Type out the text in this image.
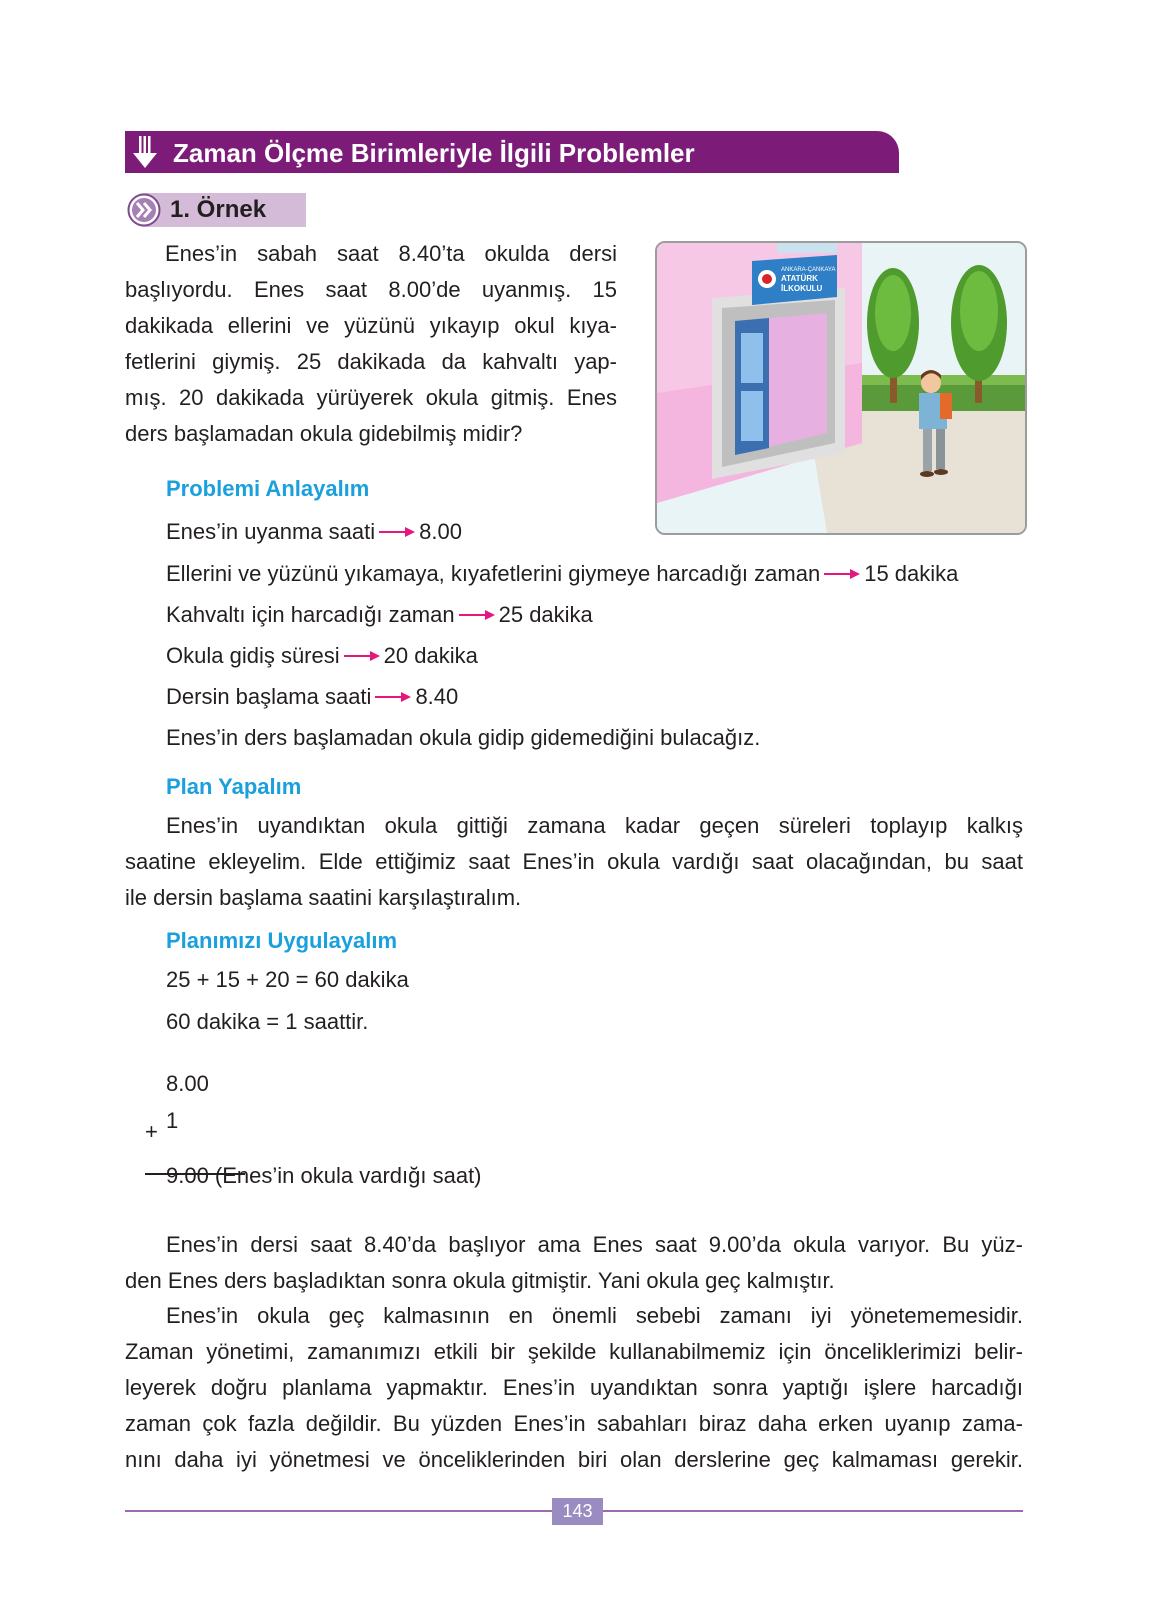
Zaman Ölçme Birimleriyle İlgili Problemler
1. Örnek
Enes’in sabah saat 8.40’ta okulda dersi
başlıyordu. Enes saat 8.00’de uyanmış. 15
dakikada ellerini ve yüzünü yıkayıp okul kıya-
fetlerini giymiş. 25 dakikada da kahvaltı yap-
mış. 20 dakikada yürüyerek okula gitmiş. Enes
ders başlamadan okula gidebilmiş midir?
ANKARA-ÇANKAYA
ATATÜRK
İLKOKULU
Problemi Anlayalım
Enes’in uyanma saati 8.00
Ellerini ve yüzünü yıkamaya, kıyafetlerini giymeye harcadığı zaman 15 dakika
Kahvaltı için harcadığı zaman 25 dakika
Okula gidiş süresi 20 dakika
Dersin başlama saati 8.40
Enes’in ders başlamadan okula gidip gidemediğini bulacağız.
Plan Yapalım
Enes’in uyandıktan okula gittiği zamana kadar geçen süreleri toplayıp kalkış
saatine ekleyelim. Elde ettiğimiz saat Enes’in okula vardığı saat olacağından, bu saat
ile dersin başlama saatini karşılaştıralım.
Planımızı Uygulayalım
25 + 15 + 20 = 60 dakika
60 dakika = 1 saattir.
8.00
+ 1
9.00 (Enes’in okula vardığı saat)
Enes’in dersi saat 8.40’da başlıyor ama Enes saat 9.00’da okula varıyor. Bu yüz-
den Enes ders başladıktan sonra okula gitmiştir. Yani okula geç kalmıştır.
Enes’in okula geç kalmasının en önemli sebebi zamanı iyi yönetememesidir.
Zaman yönetimi, zamanımızı etkili bir şekilde kullanabilmemiz için önceliklerimizi belir-
leyerek doğru planlama yapmaktır. Enes’in uyandıktan sonra yaptığı işlere harcadığı
zaman çok fazla değildir. Bu yüzden Enes’in sabahları biraz daha erken uyanıp zama-
nını daha iyi yönetmesi ve önceliklerinden biri olan derslerine geç kalmaması gerekir.
143
